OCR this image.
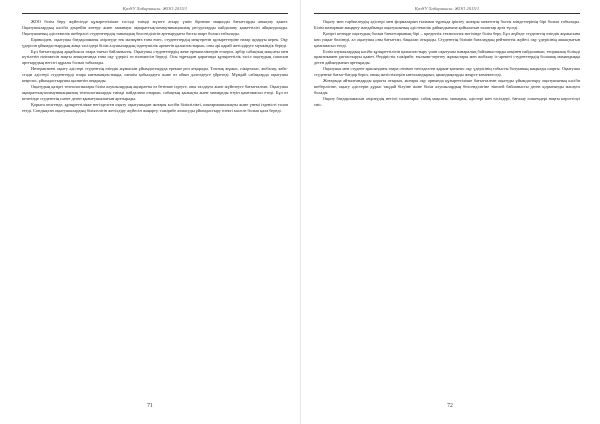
ҚазҰУ Хабаршысы. ЖОО 2015/1

ЖОО білім беру жүйесінде құзыреттілікке тәсілді тиімді жүзеге асыру үшін бірнеше маңызды бағыттарды анықтау қажет. Оқытушылардың кәсіби деңгейін көтеру және заманауи ақпараттық-коммуникациялық ресурстарды пайдалану қажеттілігі айқындалады. Оқытушының әдістемелік шеберлігі студенттердің танымдық белсенділігін арттырудағы басты шарт болып табылады.

Біріншіден, оқытушы бағдарламаны әзірлеуде тек мазмұнға ғана емес, студенттердің меңгеретін құзыреттеріне назар аударуы керек. Оқу үдерісін ұйымдастырудың жаңа тәсілдері білім алушылардың ізденушілік әрекетін қалыптастырып, оны әрі қарай жетілдіруге мүмкіндік береді.

Бұл бағыттардың әрқайсысы өзара тығыз байланысты. Оқытушы студенттердің жеке ерекшеліктерін ескеріп, әрбір сабақтың мақсаты мен күтілетін нәтижесін нақты анықтағанда ғана оқу үдерісі өз нәтижесін береді. Осы тұрғыдан қарағанда құзыреттілік тәсіл оқытудың сапасын арттырудың негізгі құралы болып табылады.

Интерактивті оқыту әдістері студенттің өзіндік жұмысын ұйымдастыруда ерекше рөл атқарады. Топтық жұмыс, пікірталас, жобалау, кейс-стади әдістері студенттерді өзара ынтымақтастыққа, шешім қабылдауға және өз ойын дәлелдеуге үйретеді. Мұндай сабақтарда оқытушы кеңесші, ұйымдастырушы қызметін атқарады.

Оқытудың қазіргі технологиялары білім алушылардың ақпаратты өз бетінше іздеуге, оны талдауға және жүйелеуге бағытталған. Оқытушы ақпараттық-коммуникациялық технологияларды тиімді пайдалана отырып, сабақтың қызықты және мазмұнды өтуін қамтамасыз етеді. Бұл өз кезегінде студенттің пәнге деген қызығушылығын арттырады.

Қорыта келгенде, құзыреттілікке негізделген оқыту оқытушыдан жоғары кәсіби біліктілікті, шығармашылықты және үнемі ізденісті талап етеді. Сондықтан оқытушылардың біліктілігін жетілдіру жүйесін жаңарту, тәжірибе алмасуды ұйымдастыру өзекті мәселе болып қала береді.

71
ҚазҰУ Хабаршысы. ЖОО 2015/1

Оқыту мен тәрбиелеудің әдістері мен формаларын ғылыми тұрғыда іріктеу жоғары мектептің басты міндеттерінің бірі болып табылады. Білім мазмұнын жаңарту жағдайында оқытушының әдістемелік дайындығына қойылатын талаптар арта түседі.

Қазіргі кезеңде оқытудың басым бағыттарының бірі – кредиттік технология негізінде білім беру. Бұл жүйеде студенттің өзіндік жұмысына көп уақыт бөлінеді, ал оқытушы оны бағыттап, бақылап отырады. Студенттің білімін бағалаудың рейтингтік жүйесі оқу үдерісінің ашықтығын қамтамасыз етеді.

Білім алушылардың кәсіби құзыреттілігін қалыптастыру үшін оқытушы пәнаралық байланыстарды кеңінен пайдаланып, теориялық білімді практикамен ұштастыруы қажет. Өндірістік тәжірибе, ғылыми-зерттеу жұмыстары мен жобалау іс-әрекеті студенттердің болашақ мамандыққа деген дайындығын арттырады.

Оқытушы мен студент арасындағы өзара сенімге негізделген қарым-қатынас оқу үдерісінің табысты болуының маңызды шарты. Оқытушы студентке бағыт-бағдар беріп, оның жетістіктерін ынталандырып, қиындықтарды жеңуге көмектеседі.

Жоғарыда айтылғандарды қорыта отырып, жоғары оқу орнында құзыреттілікке бағытталған оқытуды ұйымдастыру оқытушының кәсіби шеберлігіне, оқыту әдістерін дұрыс таңдай білуіне және білім алушылардың белсенділігіне тікелей байланысты деген қорытынды жасауға болады.

Оқыту бағдарламасын әзірлеудің негізгі талаптары: сабақ мақсаты, мазмұны, әдістері мен тәсілдері, бағалау өлшемдері нақты көрсетілуі тиіс.

72
